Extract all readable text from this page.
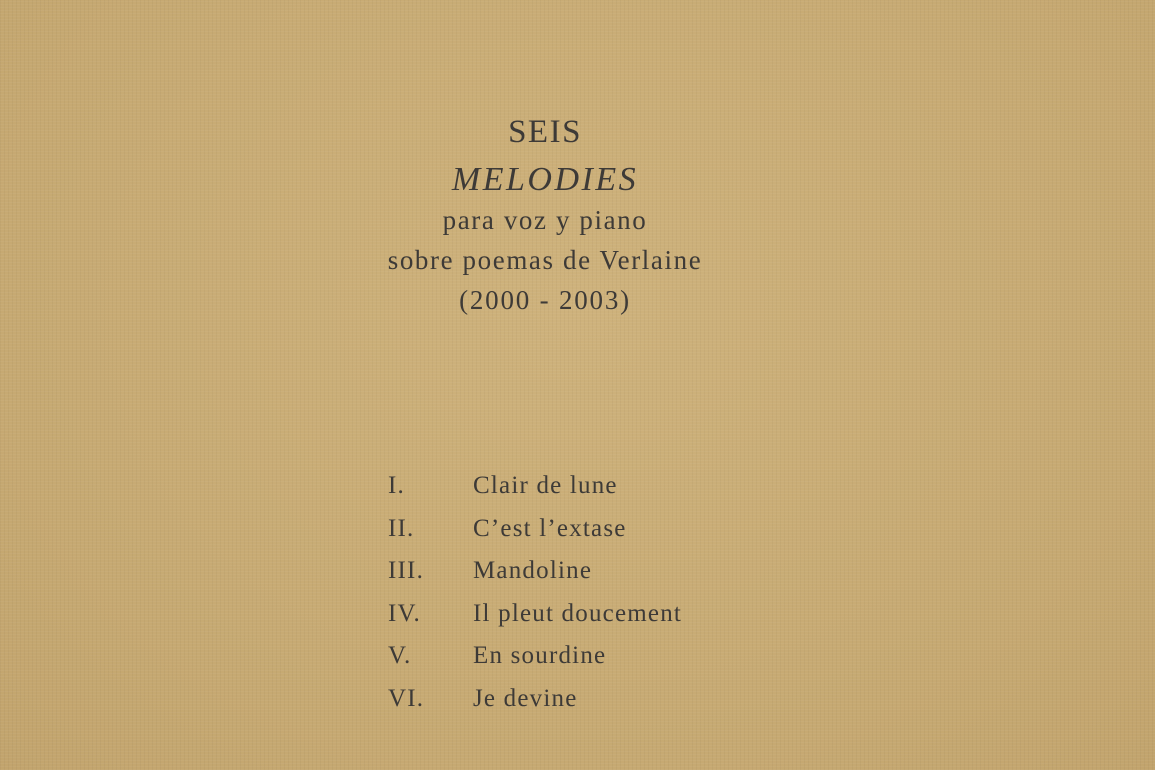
SEIS
MELODIES
para voz y piano
sobre poemas de Verlaine
(2000 - 2003)
I.	Clair de lune
II. C’est l’extase
III. Mandoline
IV. Il pleut doucement
V. En sourdine
VI. Je devine
